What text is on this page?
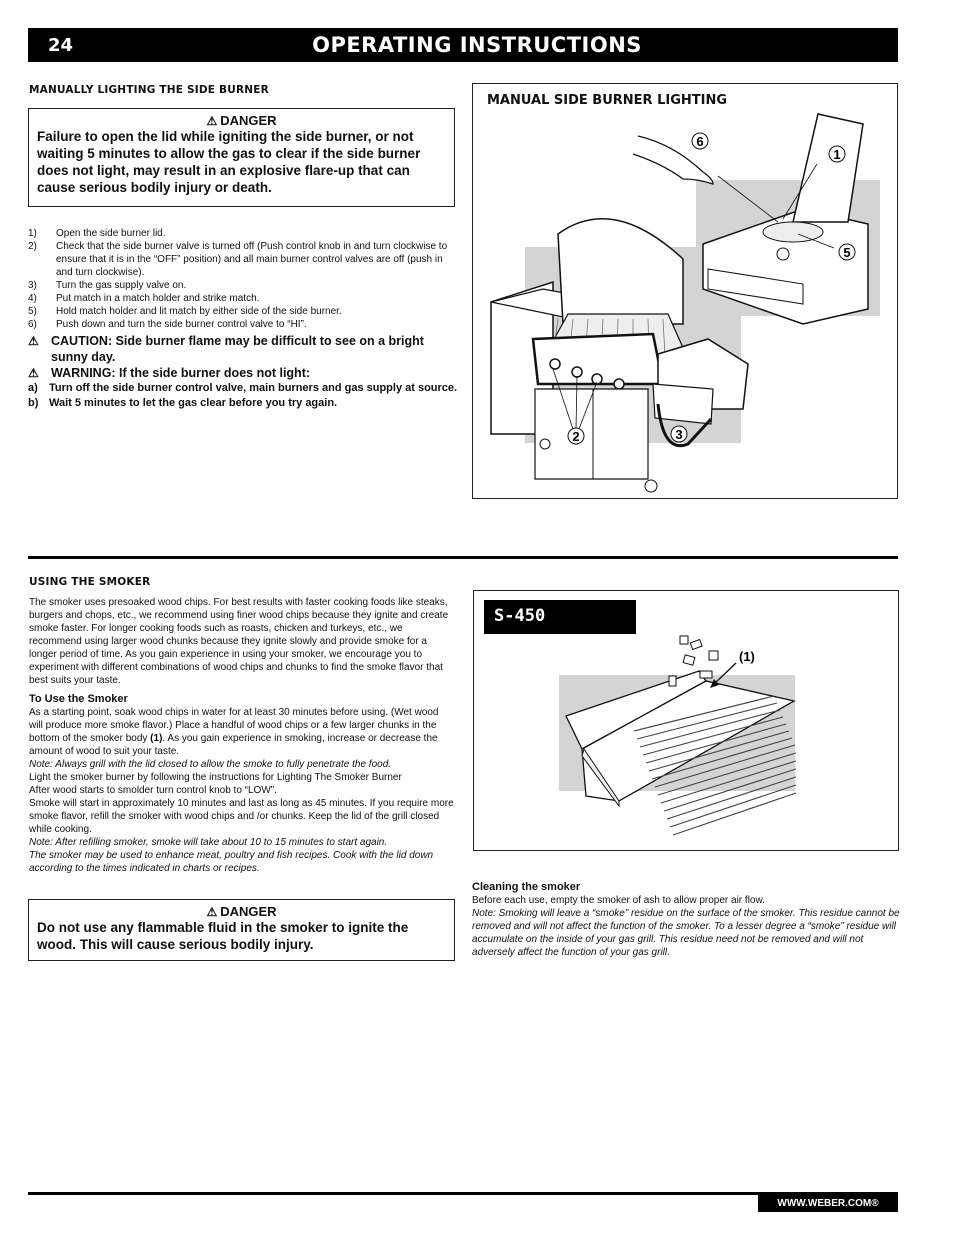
24	OPERATING INSTRUCTIONS
MANUALLY LIGHTING THE SIDE BURNER
⚠ DANGER
Failure to open the lid while igniting the side burner, or not waiting 5 minutes to allow the gas to clear if the side burner does not light, may result in an explosive flare-up that can cause serious bodily injury or death.
1)	Open the side burner lid.
2)	Check that the side burner valve is turned off (Push control knob in and turn clockwise to ensure that it is in the “OFF” position) and all main burner control valves are off (push in and turn clockwise).
3)	Turn the gas supply valve on.
4)	Put match in a match holder and strike match.
5)	Hold match holder and lit match by either side of the side burner.
6)	Push down and turn the side burner control valve to “HI”.
⚠ CAUTION: Side burner flame may be difficult to see on a bright sunny day.
⚠ WARNING: If the side burner does not light:
a)	Turn off the side burner control valve, main burners and gas supply at source.
b) Wait 5 minutes to let the gas clear before you try again.
MANUAL SIDE BURNER LIGHTING
6
1
5
2	3
USING THE SMOKER

The smoker uses presoaked wood chips. For best results with faster cooking foods like steaks, burgers and chops, etc., we recommend using finer wood chips because they ignite and create smoke faster. For longer cooking foods such as roasts, chicken and turkeys, etc., we recommend using larger wood chunks because they ignite slowly and provide smoke for a longer period of time. As you gain experience in using your smoker, we encourage you to experiment with different combinations of wood chips and chunks to find the smoke flavor that best suits your taste.

To Use the Smoker

As a starting point, soak wood chips in water for at least 30 minutes before using. (Wet wood will produce more smoke flavor.) Place a handful of wood chips or a few larger chunks in the bottom of the smoker body (1). As you gain experience in smoking, increase or decrease the amount of wood to suit your taste.

Note: Always grill with the lid closed to allow the smoke to fully penetrate the food.

Light the smoker burner by following the instructions for Lighting The Smoker Burner

After wood starts to smolder turn control knob to “LOW”.

Smoke will start in approximately 10 minutes and last as long as 45 minutes. If you require more smoke flavor, refill the smoker with wood chips and /or chunks. Keep the lid of the grill closed while cooking.

Note: After refilling smoker, smoke will take about 10 to 15 minutes to start again.

The smoker may be used to enhance meat, poultry and fish recipes. Cook with the lid down according to the times indicated in charts or recipes.

⚠ DANGER
Do not use any flammable fluid in the smoker to ignite the wood. This will cause serious bodily injury.
S-450
(1)

Cleaning the smoker

Before each use, empty the smoker of ash to allow proper air flow.

Note: Smoking will leave a “smoke” residue on the surface of the smoker. This residue cannot be removed and will not affect the function of the smoker. To a lesser degree a “smoke” residue will accumulate on the inside of your gas grill. This residue need not be removed and will not adversely affect the function of your gas grill.

WWW.WEBER.COM®
